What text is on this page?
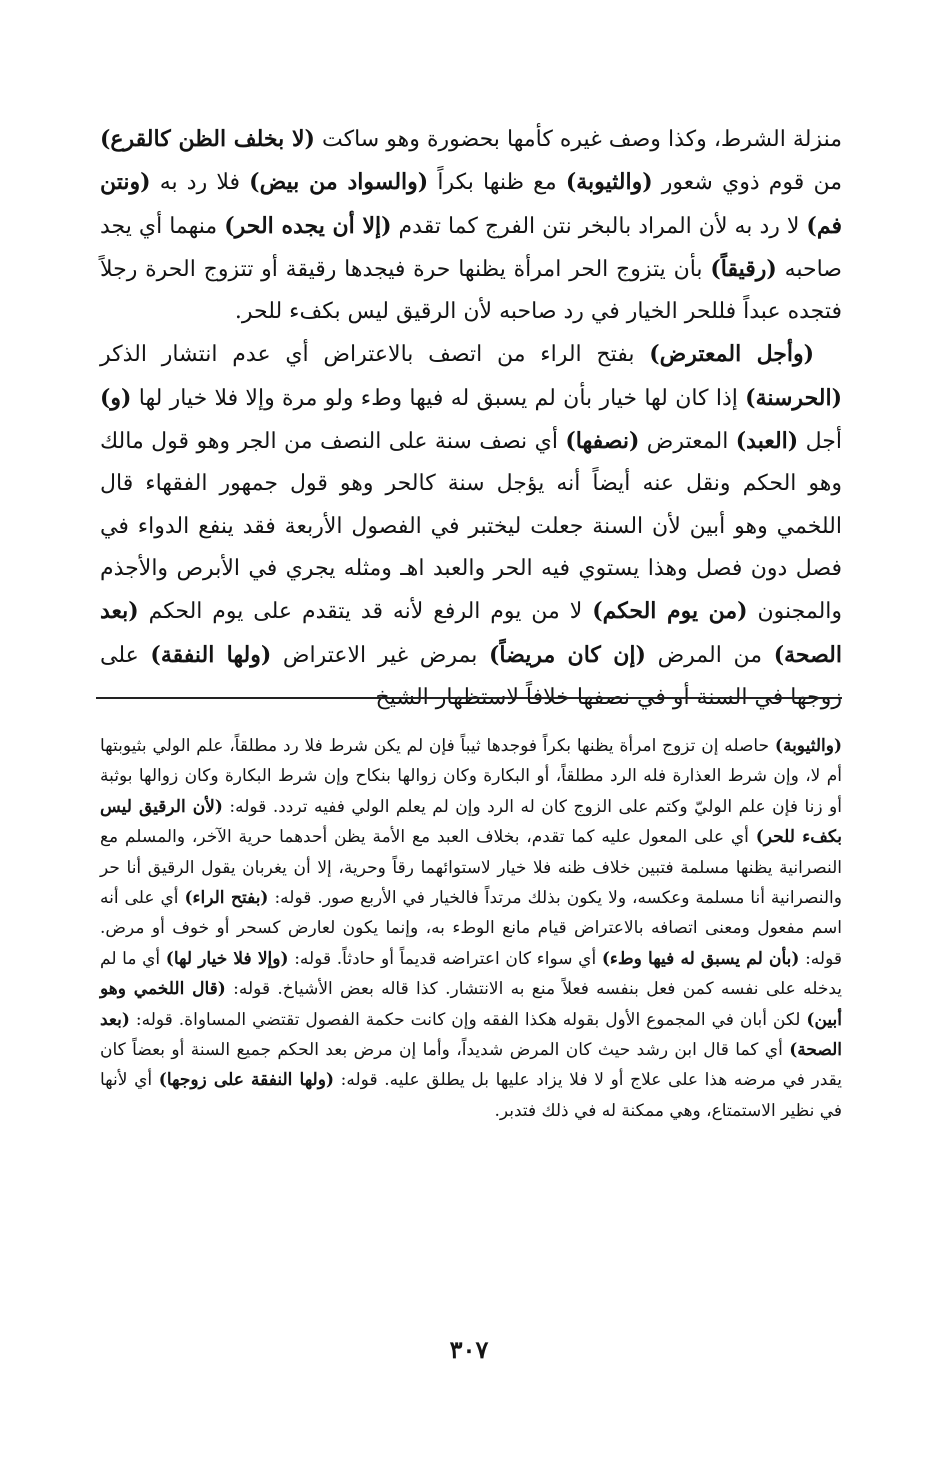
منزلة الشرط، وكذا وصف غيره كأمها بحضورة وهو ساكت (لا بخلف الظن كالقرع) من قوم ذوي شعور (والثيوبة) مع ظنها بكراً (والسواد من بيض) فلا رد به (ونتن فم) لا رد به لأن المراد بالبخر نتن الفرج كما تقدم (إلا أن يجده الحر) منهما أي يجد صاحبه (رقيقاً) بأن يتزوج الحر امرأة يظنها حرة فيجدها رقيقة أو تتزوج الحرة رجلاً فتجده عبداً فللحر الخيار في رد صاحبه لأن الرقيق ليس بكفء للحر.

(وأجل المعترض) بفتح الراء من اتصف بالاعتراض أي عدم انتشار الذكر (الحرسنة) إذا كان لها خيار بأن لم يسبق له فيها وطء ولو مرة وإلا فلا خيار لها (و) أجل (العبد) المعترض (نصفها) أي نصف سنة على النصف من الجر وهو قول مالك وهو الحكم ونقل عنه أيضاً أنه يؤجل سنة كالحر وهو قول جمهور الفقهاء قال اللخمي وهو أبين لأن السنة جعلت ليختبر في الفصول الأربعة فقد ينفع الدواء في فصل دون فصل وهذا يستوي فيه الحر والعبد اهـ ومثله يجري في الأبرص والأجذم والمجنون (من يوم الحكم) لا من يوم الرفع لأنه قد يتقدم على يوم الحكم (بعد الصحة) من المرض (إن كان مريضاً) بمرض غير الاعتراض (ولها النفقة) على زوجها في السنة أو في نصفها خلافاً لاستظهار الشيخ

(والثيوبة) حاصله إن تزوج امرأة يظنها بكراً فوجدها ثيباً فإن لم يكن شرط فلا رد مطلقاً، علم الولي بثيوبتها أم لا، وإن شرط العذارة فله الرد مطلقاً، أو البكارة وكان زوالها بنكاح وإن شرط البكارة وكان زوالها بوثبة أو زنا فإن علم الوليّ وكتم على الزوج كان له الرد وإن لم يعلم الولي ففيه تردد. قوله: (لأن الرقيق ليس بكفء للحر) أي على المعول عليه كما تقدم، بخلاف العبد مع الأمة يظن أحدهما حرية الآخر، والمسلم مع النصرانية يظنها مسلمة فتبين خلاف ظنه فلا خيار لاستوائهما رقاً وحرية، إلا أن يغربان يقول الرقيق أنا حر والنصرانية أنا مسلمة وعكسه، ولا يكون بذلك مرتداً فالخيار في الأربع صور. قوله: (بفتح الراء) أي على أنه اسم مفعول ومعنى اتصافه بالاعتراض قيام مانع الوطء به، وإنما يكون لعارض كسحر أو خوف أو مرض. قوله: (بأن لم يسبق له فيها وطء) أي سواء كان اعتراضه قديماً أو حادثاً. قوله: (وإلا فلا خيار لها) أي ما لم يدخله على نفسه كمن فعل بنفسه فعلاً منع به الانتشار. كذا قاله بعض الأشياخ. قوله: (قال اللخمي وهو أبين) لكن أبان في المجموع الأول بقوله هكذا الفقه وإن كانت حكمة الفصول تقتضي المساواة. قوله: (بعد الصحة) أي كما قال ابن رشد حيث كان المرض شديداً، وأما إن مرض بعد الحكم جميع السنة أو بعضاً كان يقدر في مرضه هذا على علاج أو لا فلا يزاد عليها بل يطلق عليه. قوله: (ولها النفقة على زوجها) أي لأنها في نظير الاستمتاع، وهي ممكنة له في ذلك فتدبر.

٣٠٧
